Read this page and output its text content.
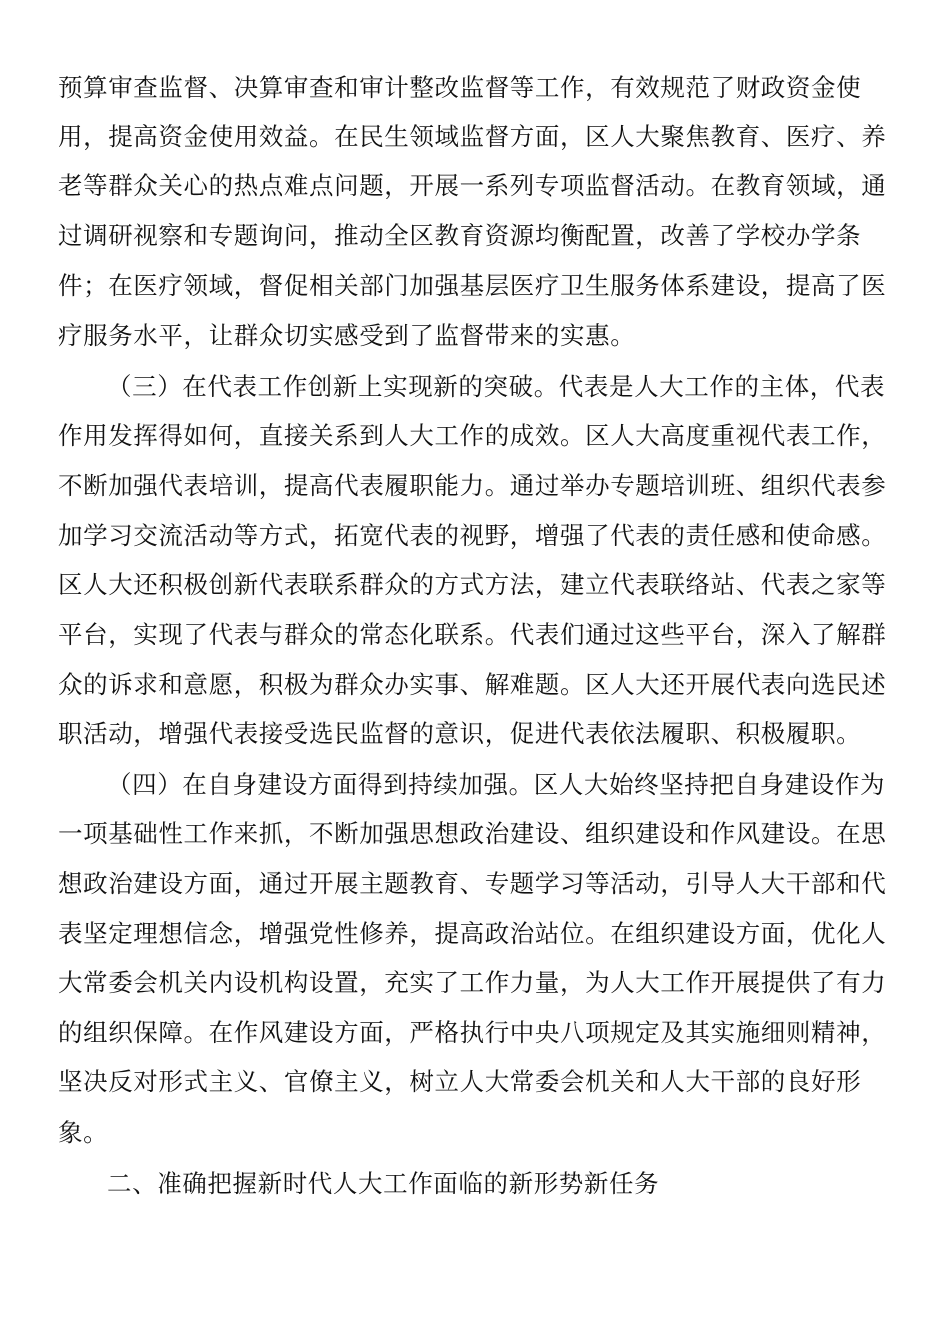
预算审查监督、决算审查和审计整改监督等工作，有效规范了财政资金使
用，提高资金使用效益。在民生领域监督方面，区人大聚焦教育、医疗、养
老等群众关心的热点难点问题，开展一系列专项监督活动。在教育领域，通
过调研视察和专题询问，推动全区教育资源均衡配置，改善了学校办学条
件；在医疗领域，督促相关部门加强基层医疗卫生服务体系建设，提高了医
疗服务水平，让群众切实感受到了监督带来的实惠。
（三）在代表工作创新上实现新的突破。代表是人大工作的主体，代表
作用发挥得如何，直接关系到人大工作的成效。区人大高度重视代表工作，
不断加强代表培训，提高代表履职能力。通过举办专题培训班、组织代表参
加学习交流活动等方式，拓宽代表的视野，增强了代表的责任感和使命感。
区人大还积极创新代表联系群众的方式方法，建立代表联络站、代表之家等
平台，实现了代表与群众的常态化联系。代表们通过这些平台，深入了解群
众的诉求和意愿，积极为群众办实事、解难题。区人大还开展代表向选民述
职活动，增强代表接受选民监督的意识，促进代表依法履职、积极履职。
（四）在自身建设方面得到持续加强。区人大始终坚持把自身建设作为
一项基础性工作来抓，不断加强思想政治建设、组织建设和作风建设。在思
想政治建设方面，通过开展主题教育、专题学习等活动，引导人大干部和代
表坚定理想信念，增强党性修养，提高政治站位。在组织建设方面，优化人
大常委会机关内设机构设置，充实了工作力量，为人大工作开展提供了有力
的组织保障。在作风建设方面，严格执行中央八项规定及其实施细则精神，
坚决反对形式主义、官僚主义，树立人大常委会机关和人大干部的良好形
象。
二、准确把握新时代人大工作面临的新形势新任务
